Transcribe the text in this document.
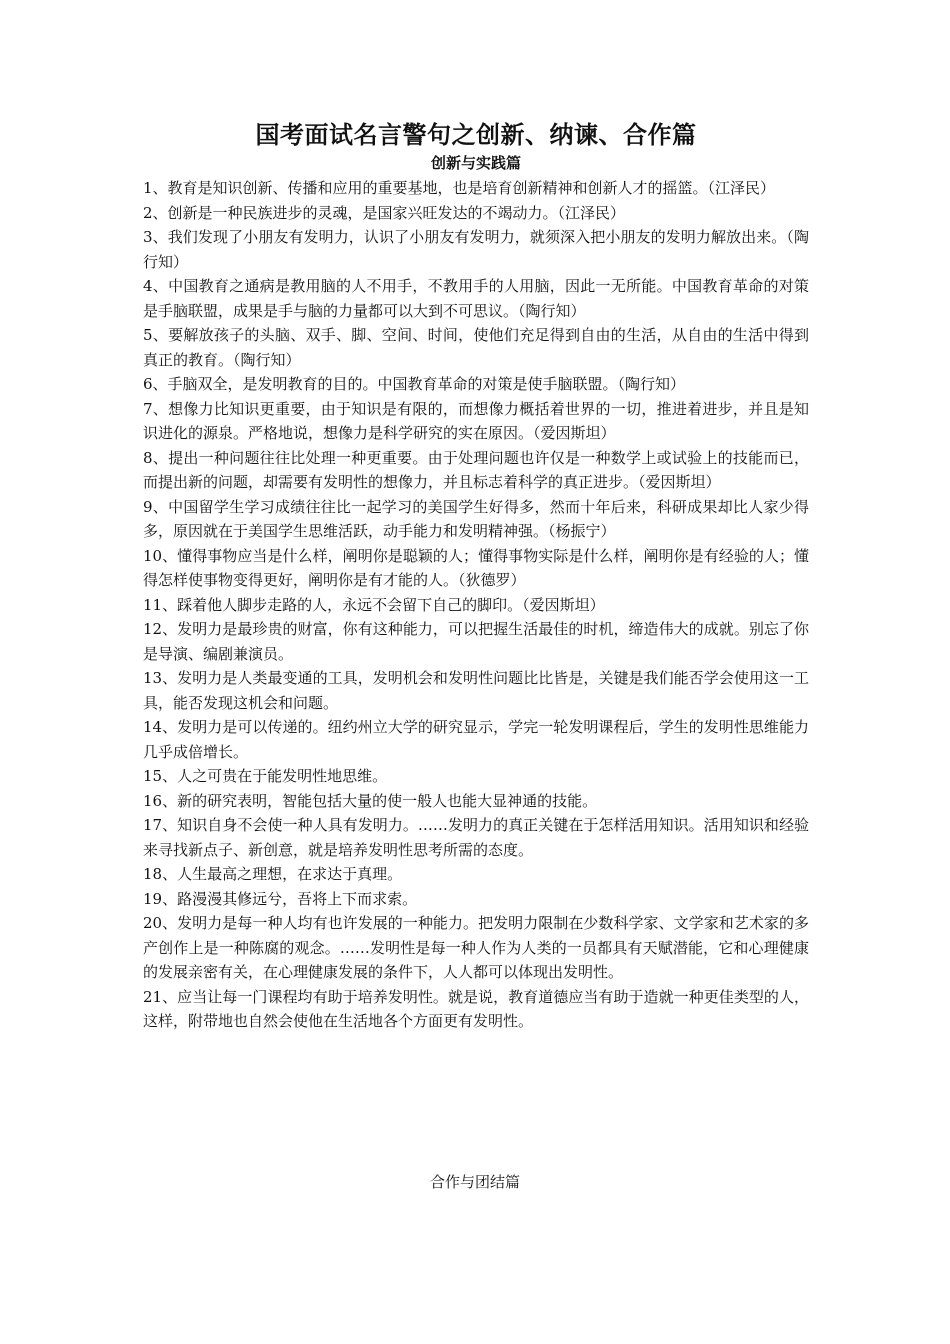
国考面试名言警句之创新、纳谏、合作篇
创新与实践篇

1、教育是知识创新、传播和应用的重要基地，也是培育创新精神和创新人才的摇篮。（江泽民）

2、创新是一种民族进步的灵魂，是国家兴旺发达的不竭动力。（江泽民）

3、我们发现了小朋友有发明力，认识了小朋友有发明力，就须深入把小朋友的发明力解放出来。（陶行知）

4、中国教育之通病是教用脑的人不用手，不教用手的人用脑，因此一无所能。中国教育革命的对策是手脑联盟，成果是手与脑的力量都可以大到不可思议。（陶行知）

5、要解放孩子的头脑、双手、脚、空间、时间，使他们充足得到自由的生活，从自由的生活中得到真正的教育。（陶行知）

6、手脑双全，是发明教育的目的。中国教育革命的对策是使手脑联盟。（陶行知）

7、想像力比知识更重要，由于知识是有限的，而想像力概括着世界的一切，推进着进步，并且是知识进化的源泉。严格地说，想像力是科学研究的实在原因。（爱因斯坦）

8、提出一种问题往往比处理一种更重要。由于处理问题也许仅是一种数学上或试验上的技能而已，而提出新的问题，却需要有发明性的想像力，并且标志着科学的真正进步。（爱因斯坦）

9、中国留学生学习成绩往往比一起学习的美国学生好得多，然而十年后来，科研成果却比人家少得多，原因就在于美国学生思维活跃，动手能力和发明精神强。（杨振宁）

10、懂得事物应当是什么样，阐明你是聪颖的人；懂得事物实际是什么样，阐明你是有经验的人；懂得怎样使事物变得更好，阐明你是有才能的人。（狄德罗）

11、踩着他人脚步走路的人，永远不会留下自己的脚印。（爱因斯坦）

12、发明力是最珍贵的财富，你有这种能力，可以把握生活最佳的时机，缔造伟大的成就。别忘了你是导演、编剧兼演员。

13、发明力是人类最变通的工具，发明机会和发明性问题比比皆是，关键是我们能否学会使用这一工具，能否发现这机会和问题。

14、发明力是可以传递的。纽约州立大学的研究显示，学完一轮发明课程后，学生的发明性思维能力几乎成倍增长。

15、人之可贵在于能发明性地思维。

16、新的研究表明，智能包括大量的使一般人也能大显神通的技能。

17、知识自身不会使一种人具有发明力。……发明力的真正关键在于怎样活用知识。活用知识和经验来寻找新点子、新创意，就是培养发明性思考所需的态度。

18、人生最高之理想，在求达于真理。

19、路漫漫其修远兮，吾将上下而求索。

20、发明力是每一种人均有也许发展的一种能力。把发明力限制在少数科学家、文学家和艺术家的多产创作上是一种陈腐的观念。……发明性是每一种人作为人类的一员都具有天赋潜能，它和心理健康的发展亲密有关，在心理健康发展的条件下，人人都可以体现出发明性。

21、应当让每一门课程均有助于培养发明性。就是说，教育道德应当有助于造就一种更佳类型的人，这样，附带地也自然会使他在生活地各个方面更有发明性。

合作与团结篇
